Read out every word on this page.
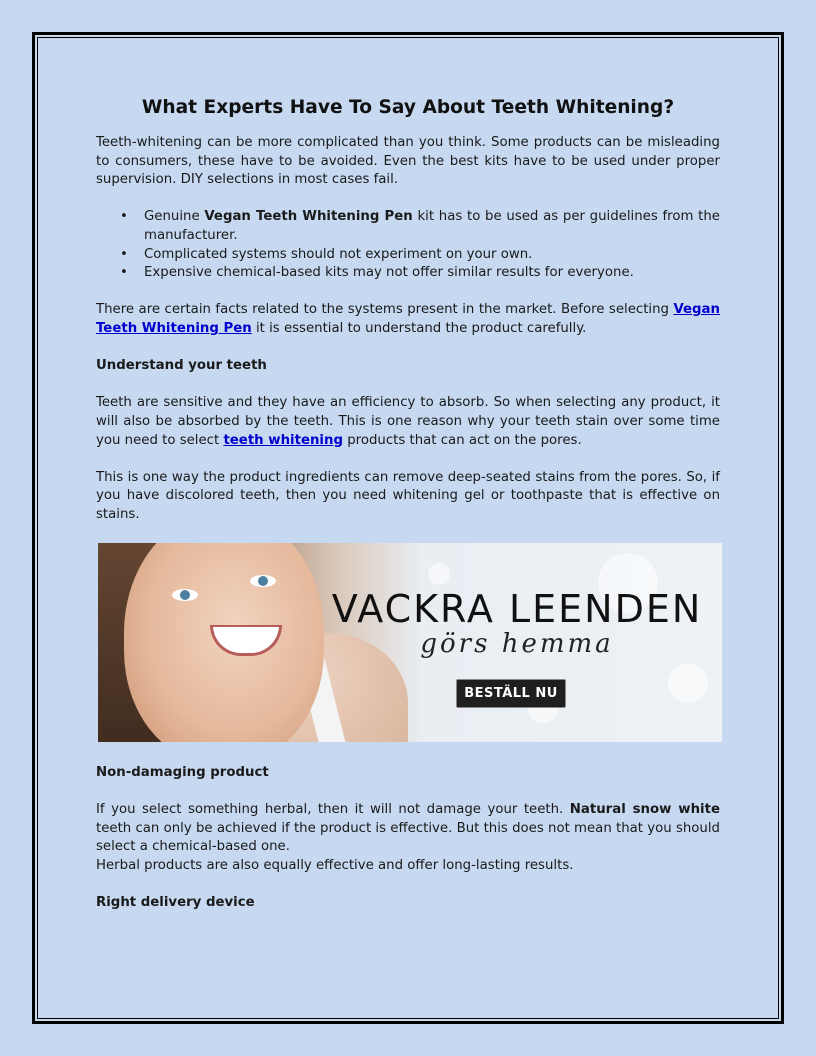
What Experts Have To Say About Teeth Whitening?

Teeth-whitening can be more complicated than you think. Some products can be misleading to consumers, these have to be avoided. Even the best kits have to be used under proper supervision. DIY selections in most cases fail.

• Genuine Vegan Teeth Whitening Pen kit has to be used as per guidelines from the manufacturer.
• Complicated systems should not experiment on your own.
• Expensive chemical-based kits may not offer similar results for everyone.

There are certain facts related to the systems present in the market. Before selecting Vegan Teeth Whitening Pen it is essential to understand the product carefully.

Understand your teeth

Teeth are sensitive and they have an efficiency to absorb. So when selecting any product, it will also be absorbed by the teeth. This is one reason why your teeth stain over some time you need to select teeth whitening products that can act on the pores.

This is one way the product ingredients can remove deep-seated stains from the pores. So, if you have discolored teeth, then you need whitening gel or toothpaste that is effective on stains.

VACKRA LEENDEN
görs hemma
BESTÄLL NU
Non-damaging product

If you select something herbal, then it will not damage your teeth. Natural snow white teeth can only be achieved if the product is effective. But this does not mean that you should select a chemical-based one.

Herbal products are also equally effective and offer long-lasting results.

Right delivery device
